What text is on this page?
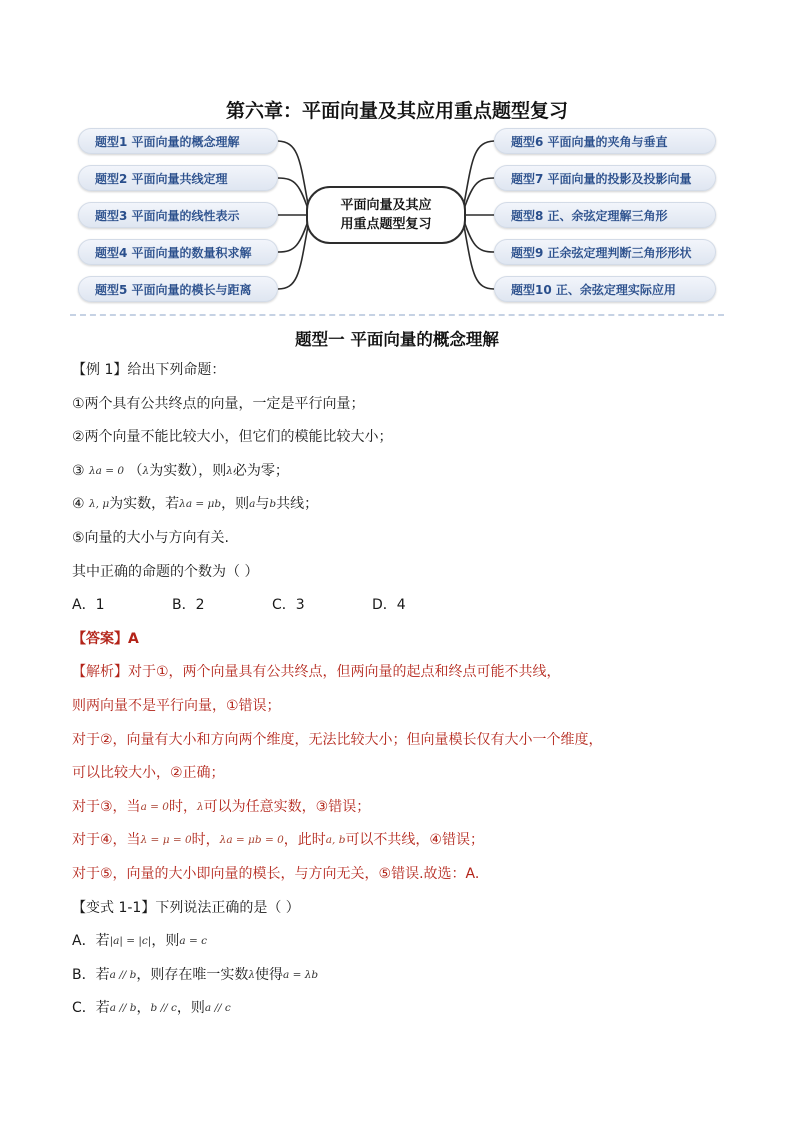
第六章：平面向量及其应用重点题型复习
题型1 平面向量的概念理解
题型2 平面向量共线定理
题型3 平面向量的线性表示
题型4 平面向量的数量积求解
题型5 平面向量的模长与距离
题型6 平面向量的夹角与垂直
题型7 平面向量的投影及投影向量
题型8 正、余弦定理解三角形
题型9 正余弦定理判断三角形形状
题型10 正、余弦定理实际应用
平面向量及其应
用重点题型复习
题型一 平面向量的概念理解
【例 1】给出下列命题：
①两个具有公共终点的向量，一定是平行向量；
②两个向量不能比较大小，但它们的模能比较大小；
③ λa = 0 （λ为实数），则λ必为零；
④ λ, μ为实数，若λa = μb，则a与b共线；
⑤向量的大小与方向有关.
其中正确的命题的个数为（ ）
A．1	B．2	C．3	D．4
【答案】A
【解析】对于①，两个向量具有公共终点，但两向量的起点和终点可能不共线，
则两向量不是平行向量，①错误；
对于②，向量有大小和方向两个维度，无法比较大小；但向量模长仅有大小一个维度，
可以比较大小，②正确；
对于③，当a = 0时，λ可以为任意实数，③错误；
对于④，当λ = μ = 0时，λa = μb = 0，此时a, b可以不共线，④错误；
对于⑤，向量的大小即向量的模长，与方向无关，⑤错误.故选：A.
【变式 1-1】下列说法正确的是（ ）
A．若|a| = |c|，则a = c
B．若a // b，则存在唯一实数λ使得a = λb
C．若a // b，b // c，则a // c
